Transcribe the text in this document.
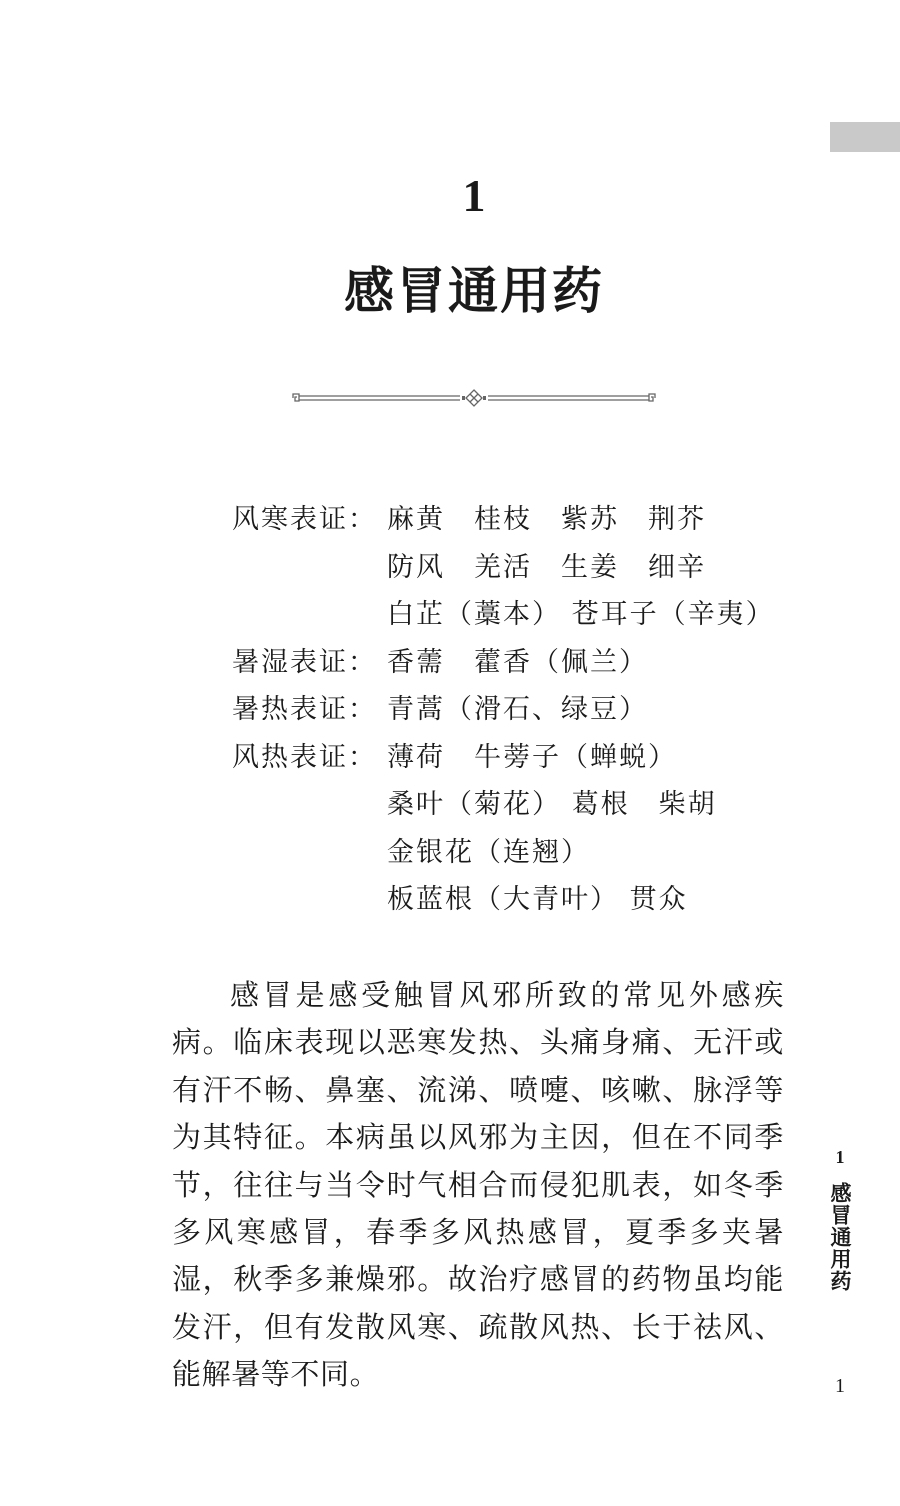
1
感冒通用药
风寒表证： 麻黄　桂枝　紫苏　荆芥
防风　羌活　生姜　细辛
白芷（藁本） 苍耳子（辛夷）
暑湿表证： 香薷　藿香（佩兰）
暑热表证： 青蒿（滑石、绿豆）
风热表证： 薄荷　牛蒡子（蝉蜕）
桑叶（菊花） 葛根　柴胡
金银花（连翘）
板蓝根（大青叶） 贯众

感冒是感受触冒风邪所致的常见外感疾病。临床表现以恶寒发热、头痛身痛、无汗或有汗不畅、鼻塞、流涕、喷嚏、咳嗽、脉浮等为其特征。本病虽以风邪为主因，但在不同季节，往往与当令时气相合而侵犯肌表，如冬季多风寒感冒，春季多风热感冒，夏季多夹暑湿，秋季多兼燥邪。故治疗感冒的药物虽均能发汗，但有发散风寒、疏散风热、长于祛风、能解暑等不同。

1
感冒通用药
1
